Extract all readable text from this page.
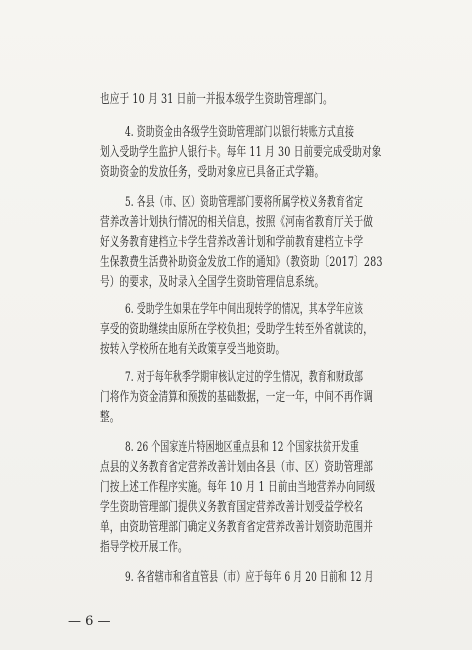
也应于 10 月 31 日前一并报本级学生资助管理部门。
4. 资助资金由各级学生资助管理部门以银行转账方式直接
划入受助学生监护人银行卡。每年 11 月 30 日前要完成受助对象
资助资金的发放任务，受助对象应已具备正式学籍。
5. 各县（市、区）资助管理部门要将所属学校义务教育省定
营养改善计划执行情况的相关信息，按照《河南省教育厅关于做
好义务教育建档立卡学生营养改善计划和学前教育建档立卡学
生保教费生活费补助资金发放工作的通知》（教资助〔2017〕283
号）的要求，及时录入全国学生资助管理信息系统。
6. 受助学生如果在学年中间出现转学的情况，其本学年应该
享受的资助继续由原所在学校负担；受助学生转至外省就读的，
按转入学校所在地有关政策享受当地资助。
7. 对于每年秋季学期审核认定过的学生情况，教育和财政部
门将作为资金清算和预拨的基础数据，一定一年，中间不再作调
整。
8. 26 个国家连片特困地区重点县和 12 个国家扶贫开发重
点县的义务教育省定营养改善计划由各县（市、区）资助管理部
门按上述工作程序实施。每年 10 月 1 日前由当地营养办向同级
学生资助管理部门提供义务教育国定营养改善计划受益学校名
单，由资助管理部门确定义务教育省定营养改善计划资助范围并
指导学校开展工作。
9. 各省辖市和省直管县（市）应于每年 6 月 20 日前和 12 月
— 6 —
